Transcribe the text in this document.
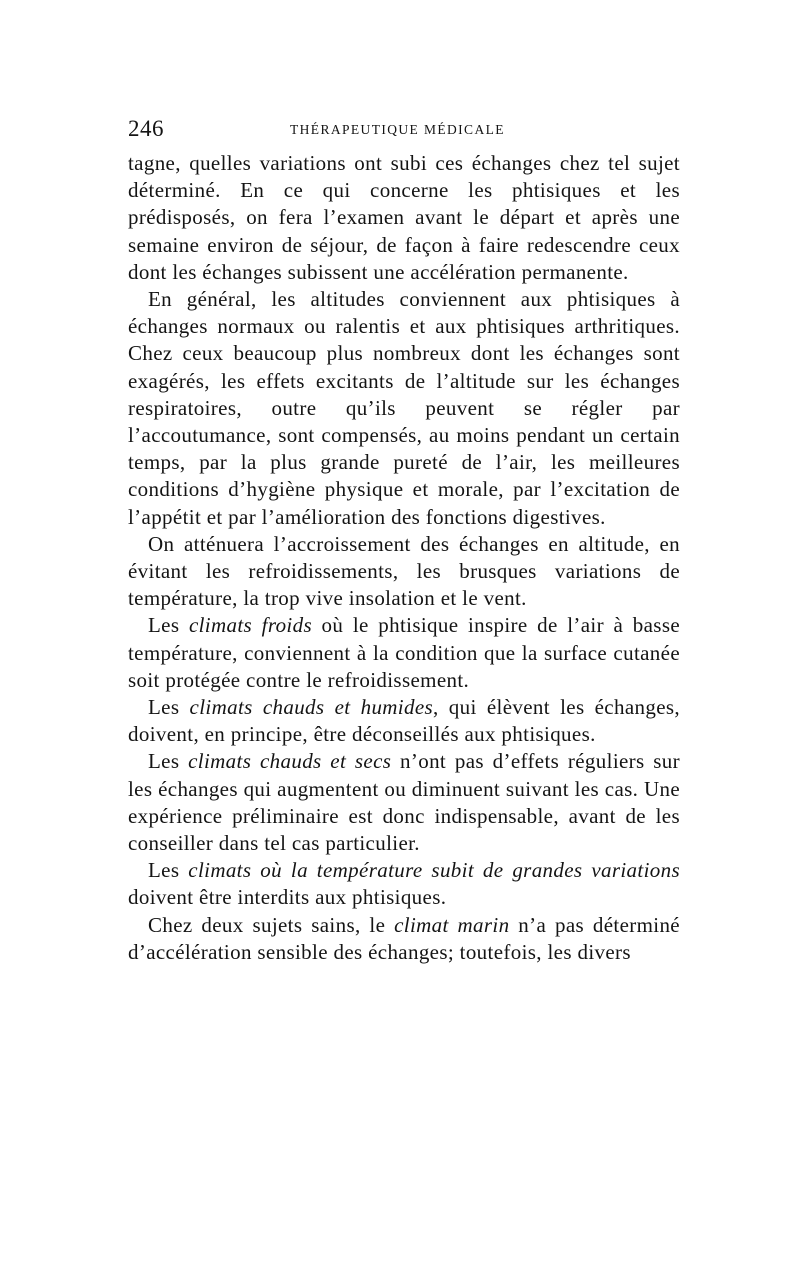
246	THÉRAPEUTIQUE MÉDICALE

tagne, quelles variations ont subi ces échanges chez tel sujet déterminé. En ce qui concerne les phtisiques et les prédisposés, on fera l’examen avant le départ et après une semaine environ de séjour, de façon à faire redescendre ceux dont les échanges subissent une accélération permanente.

En général, les altitudes conviennent aux phtisiques à échanges normaux ou ralentis et aux phtisiques arthritiques. Chez ceux beaucoup plus nombreux dont les échanges sont exagérés, les effets excitants de l’altitude sur les échanges respiratoires, outre qu’ils peuvent se régler par l’accoutumance, sont compensés, au moins pendant un certain temps, par la plus grande pureté de l’air, les meilleures conditions d’hygiène physique et morale, par l’excitation de l’appétit et par l’amélioration des fonctions digestives.

On atténuera l’accroissement des échanges en altitude, en évitant les refroidissements, les brusques variations de température, la trop vive insolation et le vent.

Les climats froids où le phtisique inspire de l’air à basse température, conviennent à la condition que la surface cutanée soit protégée contre le refroidissement.

Les climats chauds et humides, qui élèvent les échanges, doivent, en principe, être déconseillés aux phtisiques.

Les climats chauds et secs n’ont pas d’effets réguliers sur les échanges qui augmentent ou diminuent suivant les cas. Une expérience préliminaire est donc indispensable, avant de les conseiller dans tel cas particulier.

Les climats où la température subit de grandes variations doivent être interdits aux phtisiques.

Chez deux sujets sains, le climat marin n’a pas déterminé d’accélération sensible des échanges; toutefois, les divers
